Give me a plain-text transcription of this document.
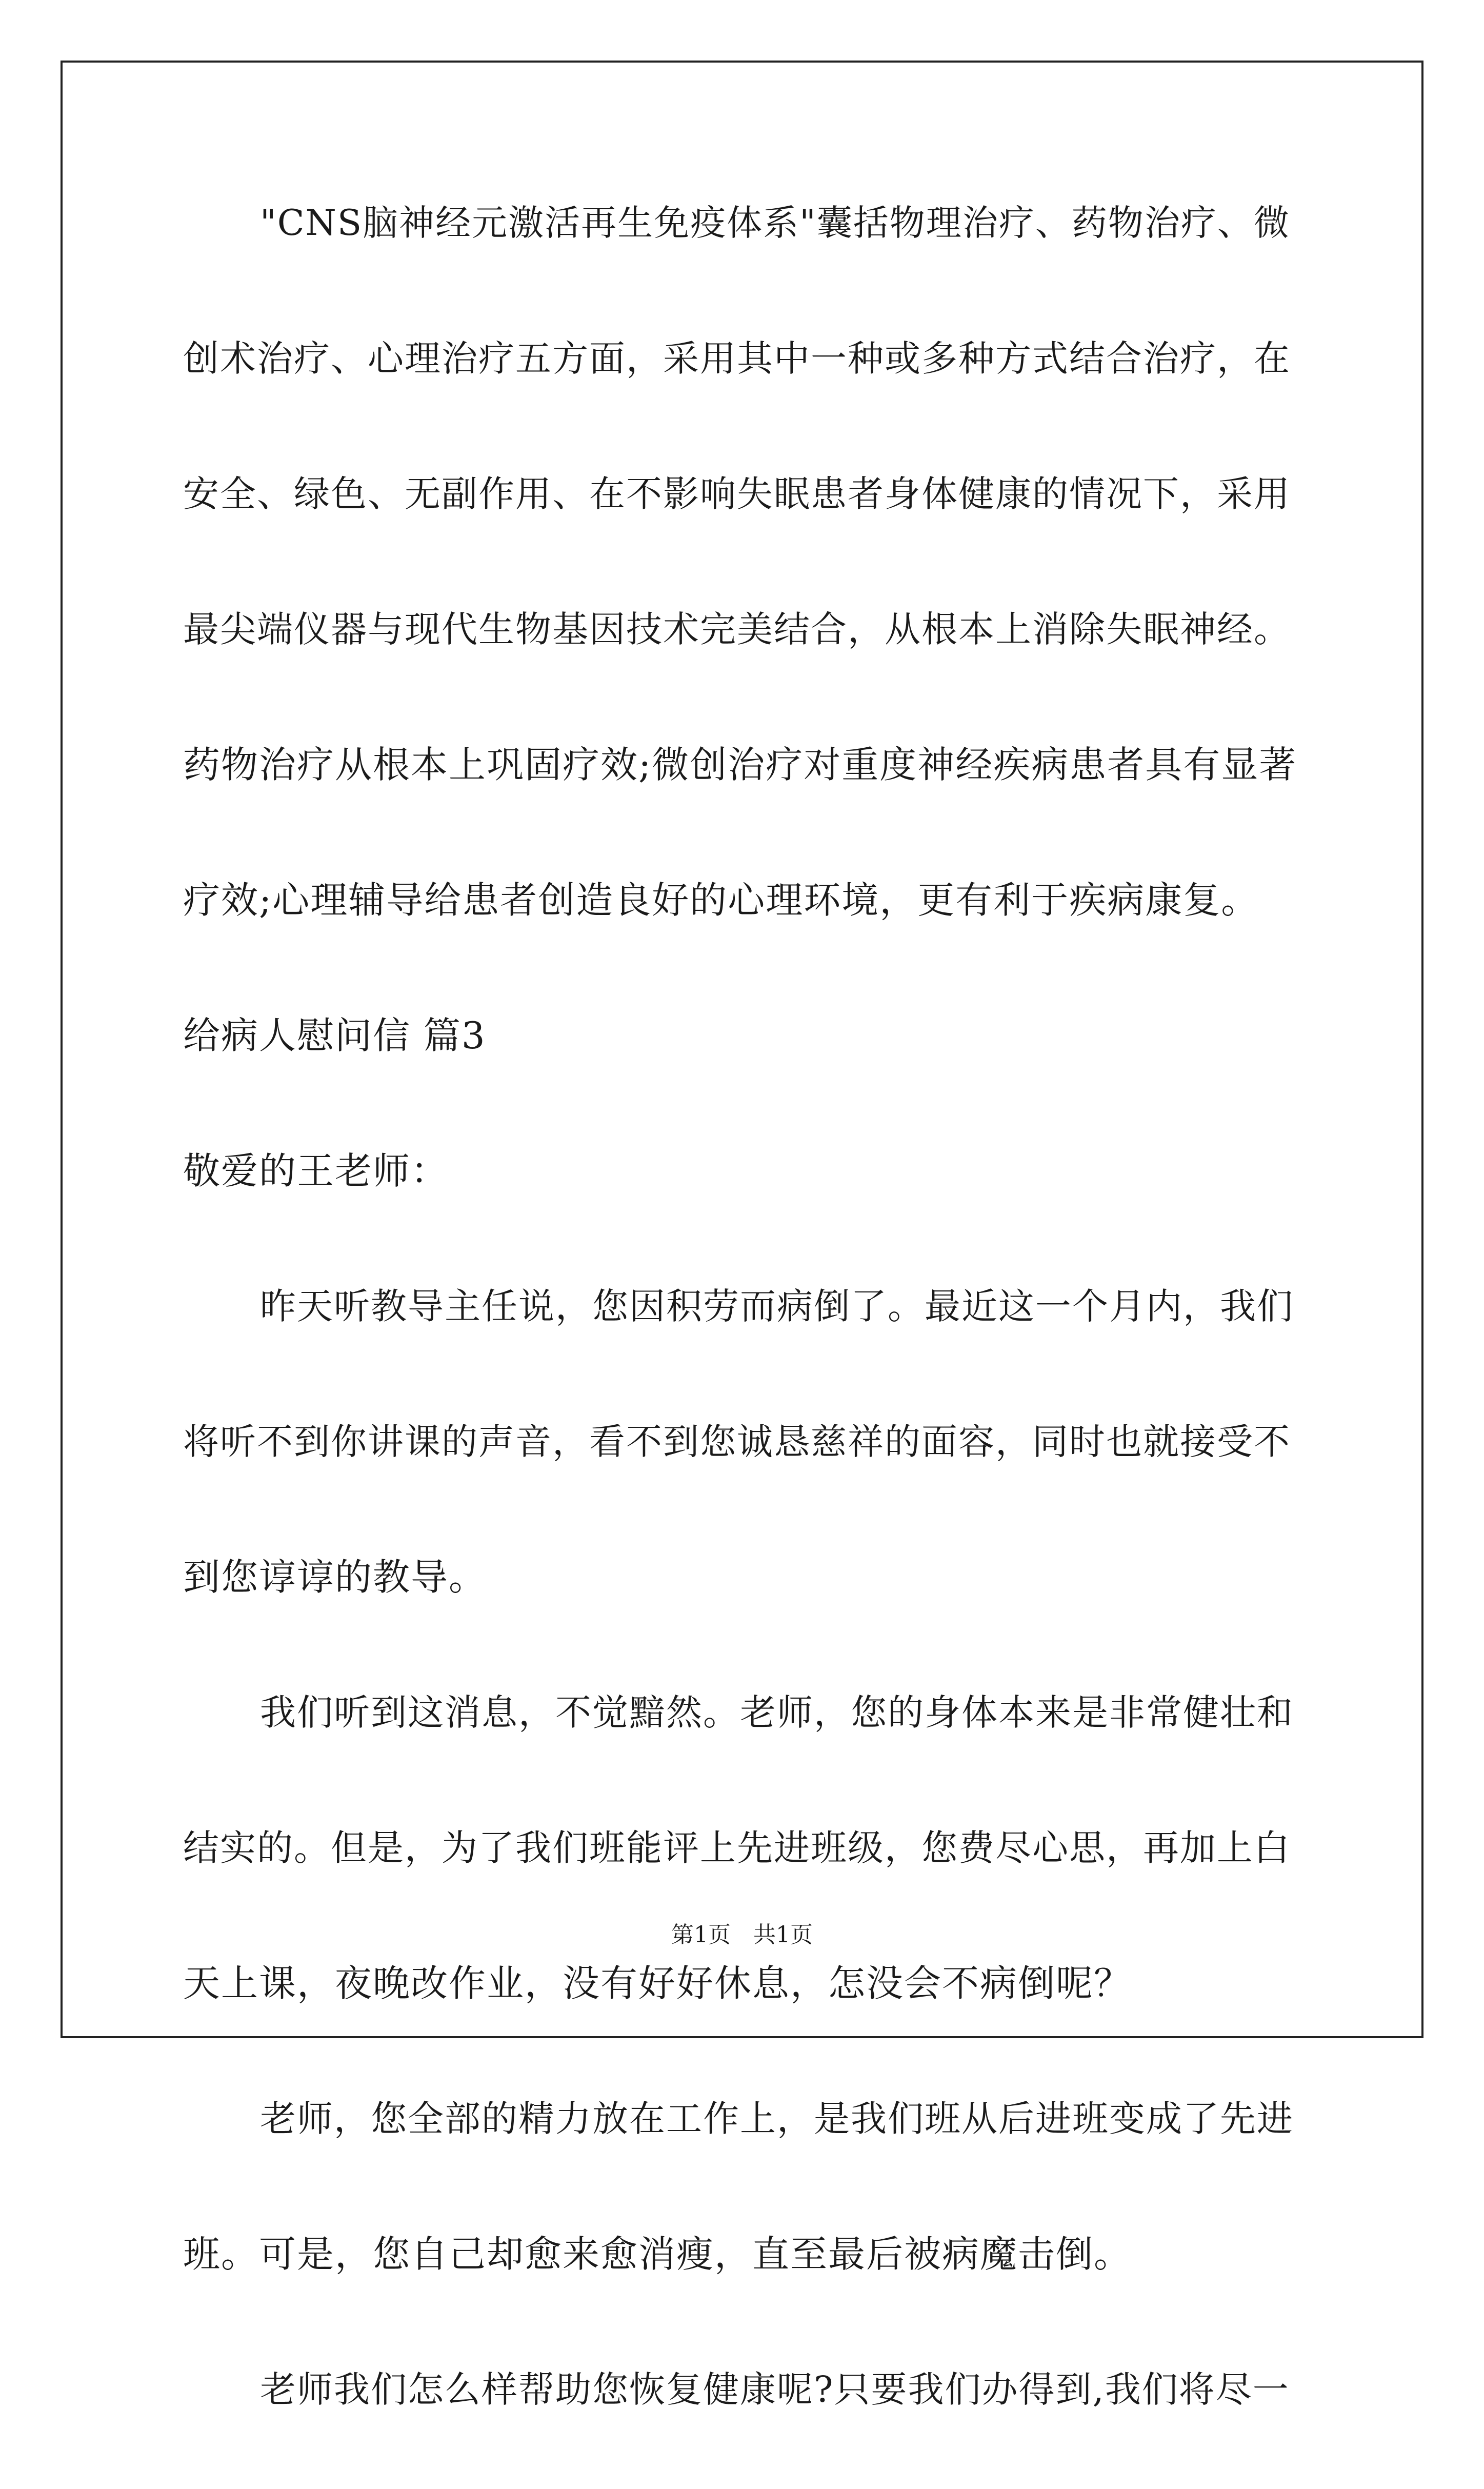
"CNS脑神经元激活再生免疫体系"囊括物理治疗、药物治疗、微
创术治疗、心理治疗五方面，采用其中一种或多种方式结合治疗，在
安全、绿色、无副作用、在不影响失眠患者身体健康的情况下，采用
最尖端仪器与现代生物基因技术完美结合，从根本上消除失眠神经。
药物治疗从根本上巩固疗效;微创治疗对重度神经疾病患者具有显著
疗效;心理辅导给患者创造良好的心理环境，更有利于疾病康复。
给病人慰问信 篇3
敬爱的王老师：
昨天听教导主任说，您因积劳而病倒了。最近这一个月内，我们
将听不到你讲课的声音，看不到您诚恳慈祥的面容，同时也就接受不
到您谆谆的教导。
我们听到这消息，不觉黯然。老师，您的身体本来是非常健壮和
结实的。但是，为了我们班能评上先进班级，您费尽心思，再加上白
天上课，夜晚改作业，没有好好休息，怎没会不病倒呢？
老师，您全部的精力放在工作上，是我们班从后进班变成了先进
班。可是，您自己却愈来愈消瘦，直至最后被病魔击倒。
老师我们怎么样帮助您恢复健康呢?只要我们办得到,我们将尽一
第1页 共1页
